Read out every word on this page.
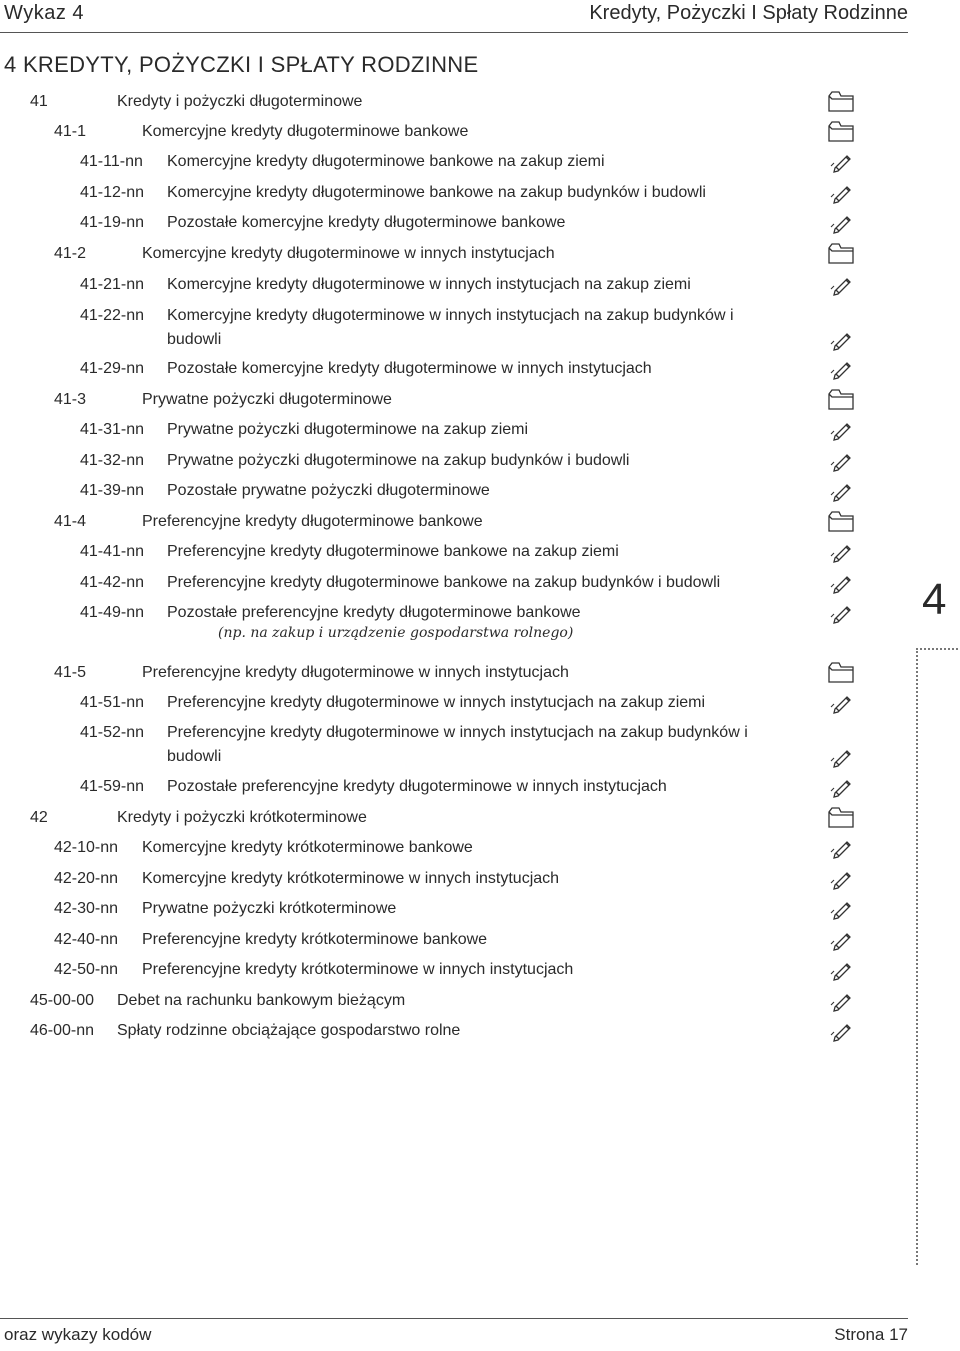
Wykaz 4	Kredyty, Pożyczki I Spłaty Rodzinne
4 KREDYTY, POŻYCZKI I SPŁATY RODZINNE
41	Kredyty i pożyczki długoterminowe
41-1	Komercyjne kredyty długoterminowe bankowe
41-11-nn Komercyjne kredyty długoterminowe bankowe na zakup ziemi
41-12-nn Komercyjne kredyty długoterminowe bankowe na zakup budynków i budowli
41-19-nn Pozostałe komercyjne kredyty długoterminowe bankowe
41-2	Komercyjne kredyty długoterminowe w innych instytucjach
41-21-nn Komercyjne kredyty długoterminowe w innych instytucjach na zakup ziemi
41-22-nn Komercyjne kredyty długoterminowe w innych instytucjach na zakup budynków i budowli
41-29-nn Pozostałe komercyjne kredyty długoterminowe w innych instytucjach
41-3	Prywatne pożyczki długoterminowe
41-31-nn Prywatne pożyczki długoterminowe na zakup ziemi
41-32-nn Prywatne pożyczki długoterminowe na zakup budynków i budowli
41-39-nn Pozostałe prywatne pożyczki długoterminowe
41-4	Preferencyjne kredyty długoterminowe bankowe
41-41-nn Preferencyjne kredyty długoterminowe bankowe na zakup ziemi
41-42-nn Preferencyjne kredyty długoterminowe bankowe na zakup budynków i budowli
41-49-nn Pozostałe preferencyjne kredyty długoterminowe bankowe
41-5	Preferencyjne kredyty długoterminowe w innych instytucjach
41-51-nn Preferencyjne kredyty długoterminowe w innych instytucjach na zakup ziemi
41-52-nn Preferencyjne kredyty długoterminowe w innych instytucjach na zakup budynków i budowli
41-59-nn Pozostałe preferencyjne kredyty długoterminowe w innych instytucjach
42	Kredyty i pożyczki krótkoterminowe
42-10-nn Komercyjne kredyty krótkoterminowe bankowe
42-20-nn Komercyjne kredyty krótkoterminowe w innych instytucjach
42-30-nn Prywatne pożyczki krótkoterminowe
42-40-nn Preferencyjne kredyty krótkoterminowe bankowe
42-50-nn Preferencyjne kredyty krótkoterminowe w innych instytucjach
45-00-00 Debet na rachunku bankowym bieżącym
46-00-nn Spłaty rodzinne obciążające gospodarstwo rolne
(np. na zakup i urządzenie gospodarstwa rolnego)
4
oraz wykazy kodów	Strona 17
